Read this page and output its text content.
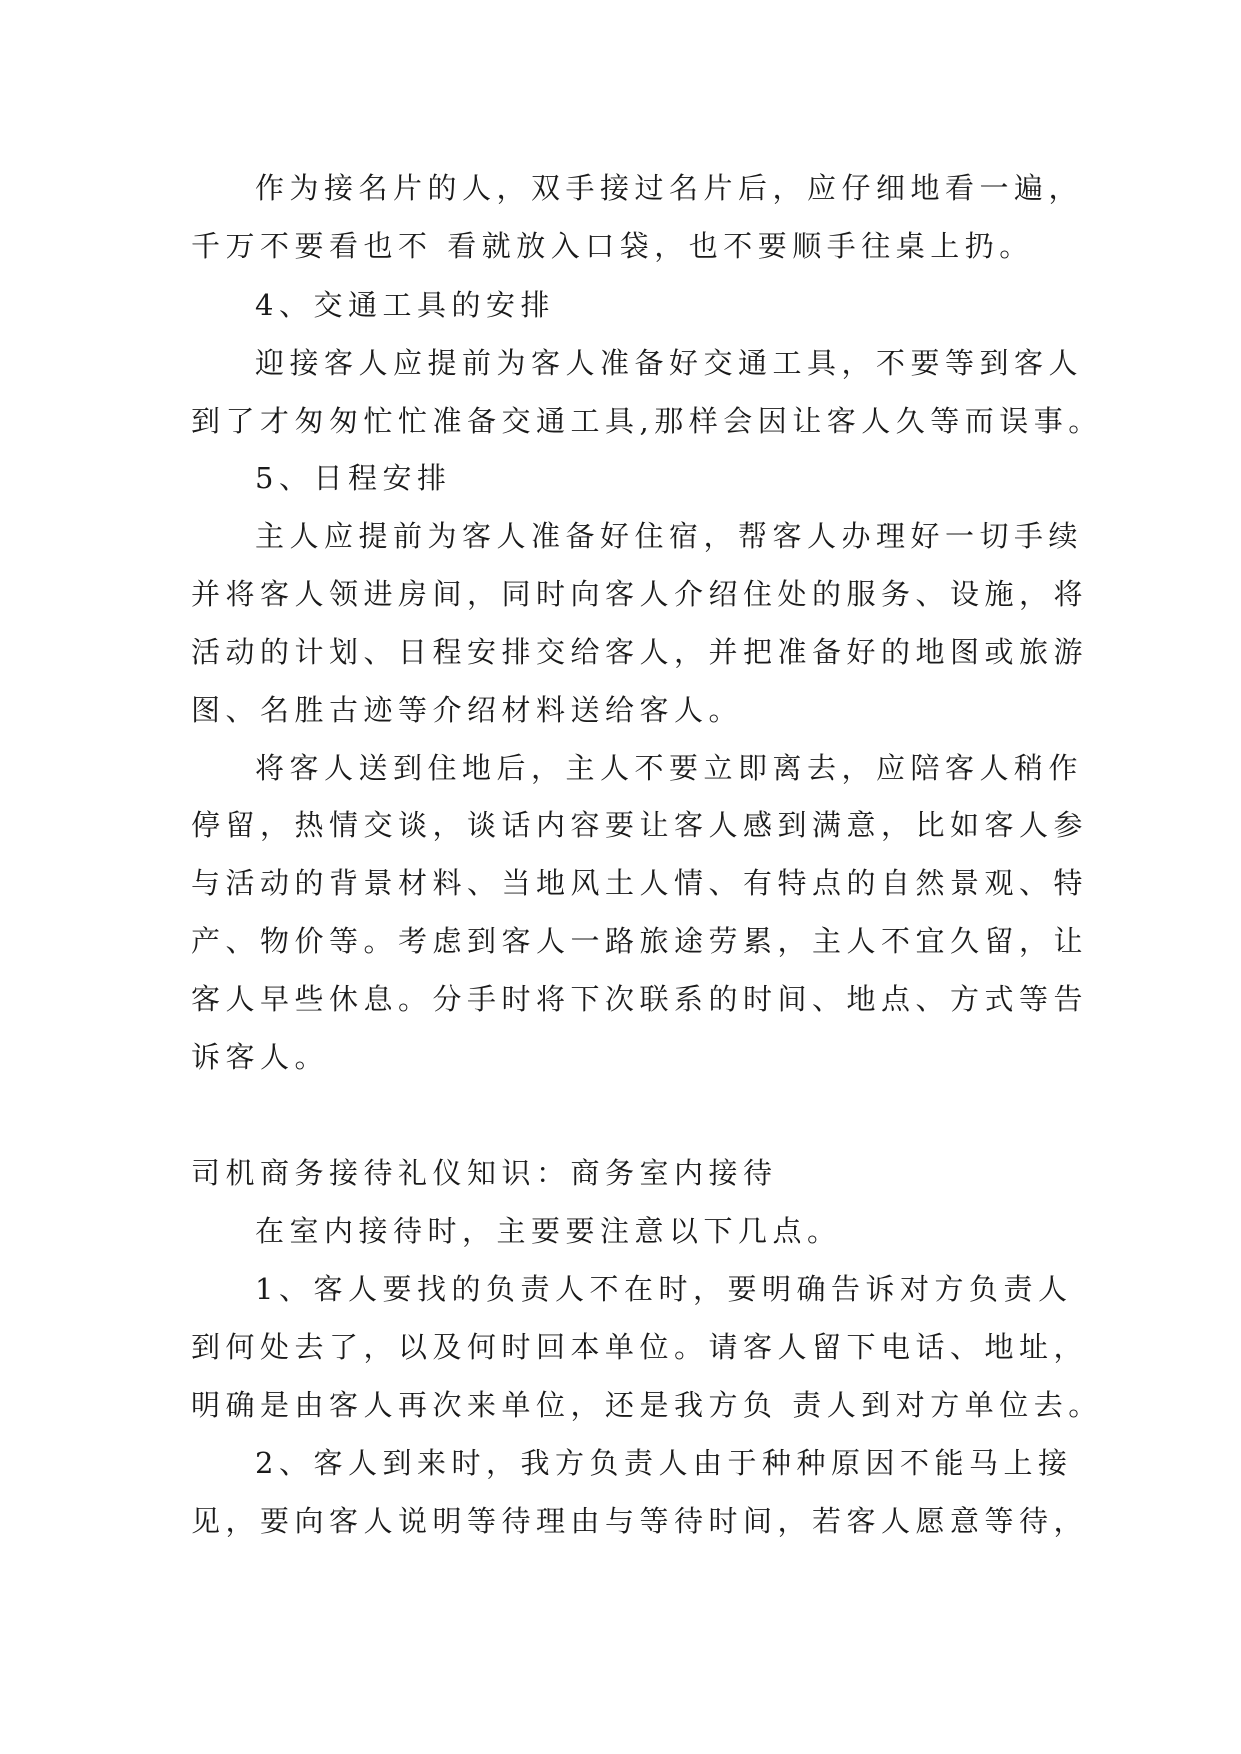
作为接名片的人，双手接过名片后，应仔细地看一遍，
千万不要看也不 看就放入口袋，也不要顺手往桌上扔。
4、交通工具的安排
迎接客人应提前为客人准备好交通工具，不要等到客人
到了才匆匆忙忙准备交通工具,那样会因让客人久等而误事。
5、日程安排
主人应提前为客人准备好住宿，帮客人办理好一切手续
并将客人领进房间，同时向客人介绍住处的服务、设施，将
活动的计划、日程安排交给客人，并把准备好的地图或旅游
图、名胜古迹等介绍材料送给客人。
将客人送到住地后，主人不要立即离去，应陪客人稍作
停留，热情交谈，谈话内容要让客人感到满意，比如客人参
与活动的背景材料、当地风土人情、有特点的自然景观、特
产、物价等。考虑到客人一路旅途劳累，主人不宜久留，让
客人早些休息。分手时将下次联系的时间、地点、方式等告
诉客人。
司机商务接待礼仪知识：商务室内接待
在室内接待时，主要要注意以下几点。
1、客人要找的负责人不在时，要明确告诉对方负责人
到何处去了，以及何时回本单位。请客人留下电话、地址，
明确是由客人再次来单位，还是我方负 责人到对方单位去。
2、客人到来时，我方负责人由于种种原因不能马上接
见，要向客人说明等待理由与等待时间，若客人愿意等待，
